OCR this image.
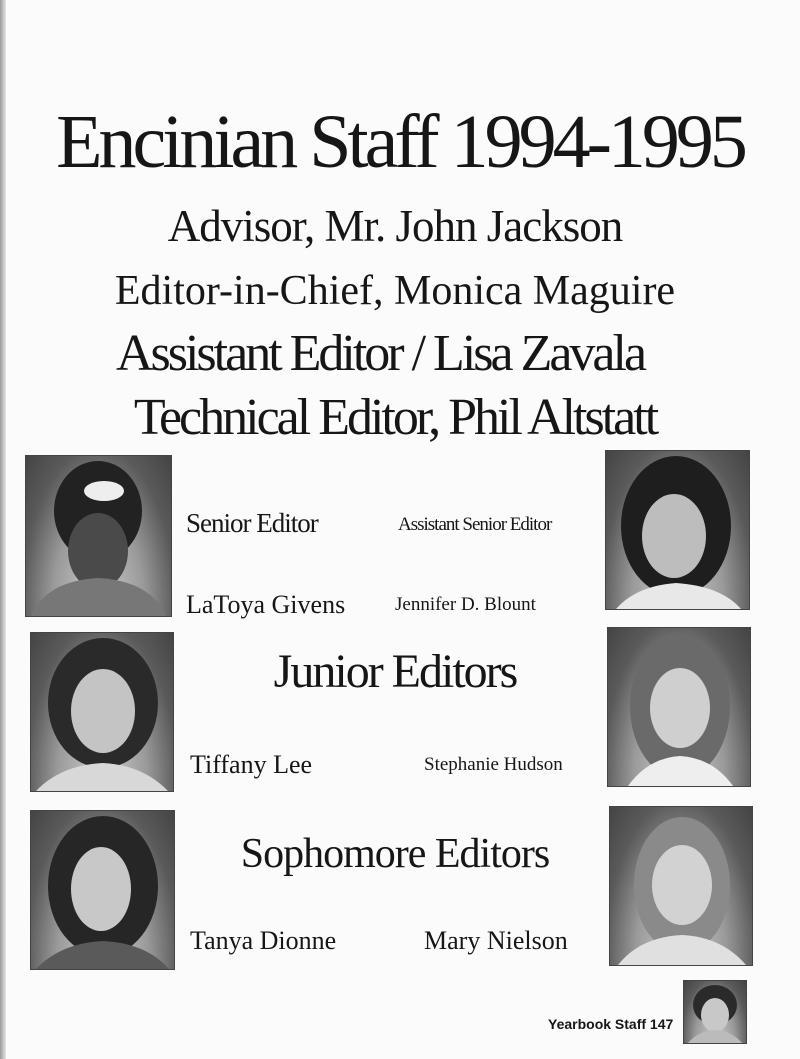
Encinian Staff 1994-1995
Advisor, Mr. John Jackson
Editor-in-Chief, Monica Maguire
Assistant Editor / Lisa Zavala
Technical Editor, Phil Altstatt
Senior Editor	Assistant Senior Editor
LaToya Givens	Jennifer D. Blount
Junior Editors
Tiffany Lee	Stephanie Hudson
Sophomore Editors
Tanya Dionne	Mary Nielson
Yearbook Staff 147
